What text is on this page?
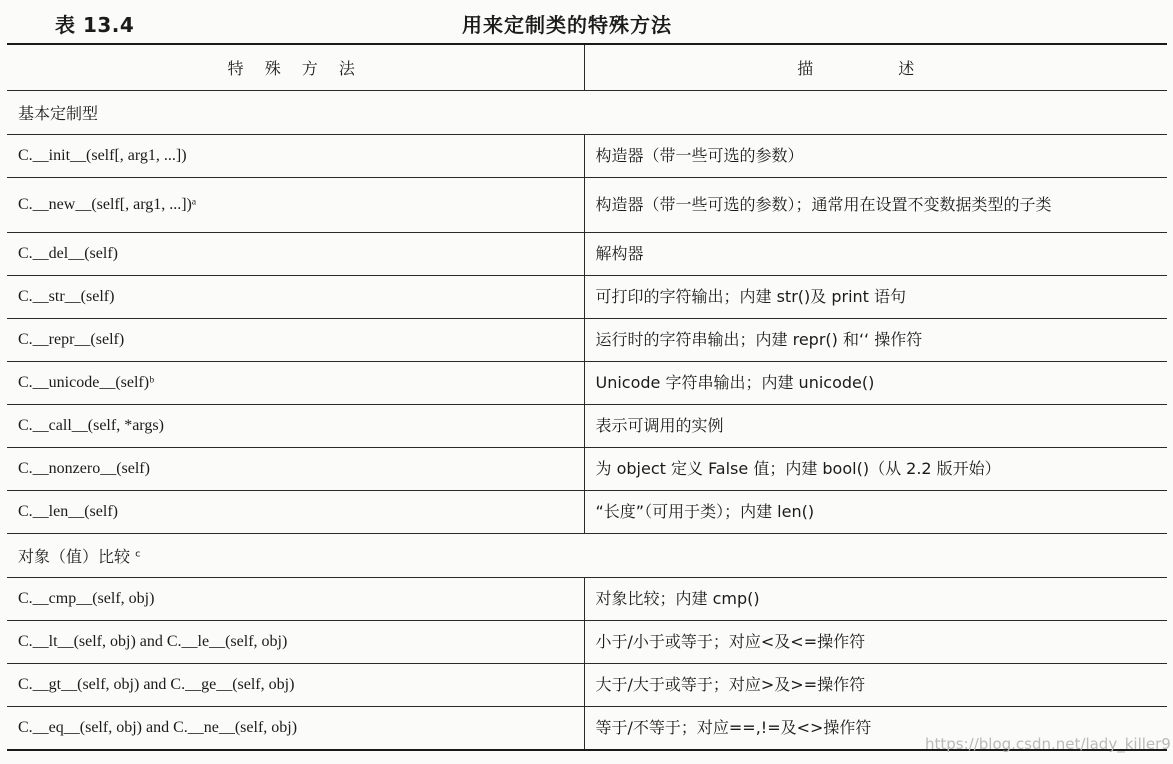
表 13.4	用来定制类的特殊方法
特 殊 方 法	描 述
基本定制型	
C.__init__(self[, arg1, ...])	构造器（带一些可选的参数）
C.__new__(self[, arg1, ...])ᵃ	构造器（带一些可选的参数）；通常用在设置不变数据类型的子类
C.__del__(self)	解构器
C.__str__(self)	可打印的字符输出；内建 str()及 print 语句
C.__repr__(self)	运行时的字符串输出；内建 repr() 和‘‘ 操作符
C.__unicode__(self)ᵇ	Unicode 字符串输出；内建 unicode()
C.__call__(self, *args)	表示可调用的实例
C.__nonzero__(self)	为 object 定义 False 值；内建 bool()（从 2.2 版开始）
C.__len__(self)	“长度”（可用于类）；内建 len()
对象（值）比较 ᶜ	
C.__cmp__(self, obj)	对象比较；内建 cmp()
C.__lt__(self, obj) and C.__le__(self, obj)	小于/小于或等于；对应<及<=操作符
C.__gt__(self, obj) and C.__ge__(self, obj)	大于/大于或等于；对应>及>=操作符
C.__eq__(self, obj) and C.__ne__(self, obj)	等于/不等于；对应==,!=及<>操作符
https://blog.csdn.net/lady_killer9
